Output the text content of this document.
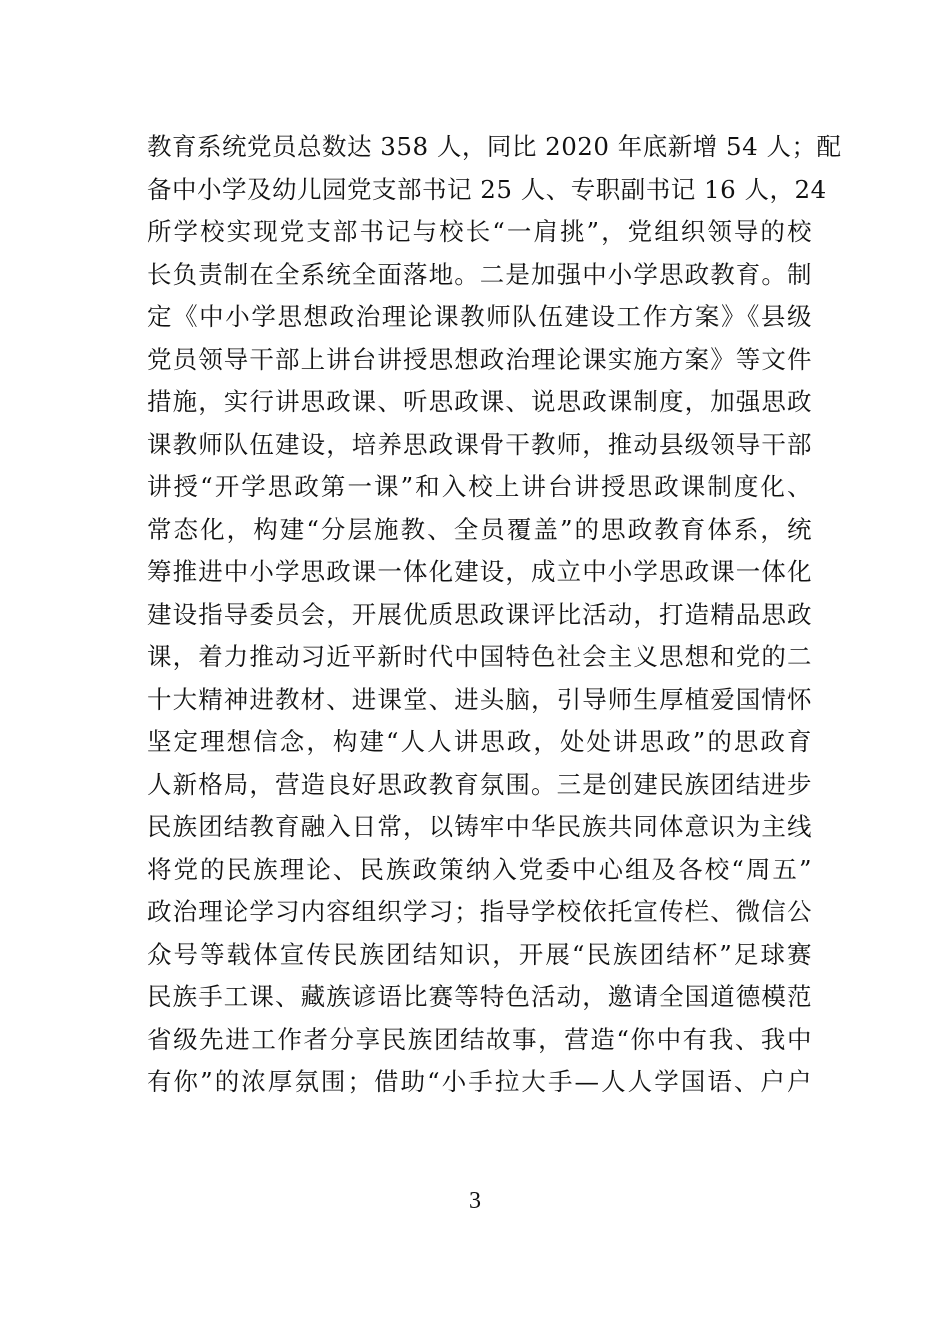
教育系统党员总数达 358 人，同比 2020 年底新增 54 人；配
备中小学及幼儿园党支部书记 25 人、专职副书记 16 人，24
所学校实现党支部书记与校长“一肩挑”，党组织领导的校
长负责制在全系统全面落地。二是加强中小学思政教育。制
定《中小学思想政治理论课教师队伍建设工作方案》《县级
党员领导干部上讲台讲授思想政治理论课实施方案》等文件
措施，实行讲思政课、听思政课、说思政课制度，加强思政
课教师队伍建设，培养思政课骨干教师，推动县级领导干部
讲授“开学思政第一课”和入校上讲台讲授思政课制度化、
常态化，构建“分层施教、全员覆盖”的思政教育体系，统
筹推进中小学思政课一体化建设，成立中小学思政课一体化
建设指导委员会，开展优质思政课评比活动，打造精品思政
课，着力推动习近平新时代中国特色社会主义思想和党的二
十大精神进教材、进课堂、进头脑，引导师生厚植爱国情怀
坚定理想信念，构建“人人讲思政，处处讲思政”的思政育
人新格局，营造良好思政教育氛围。三是创建民族团结进步
民族团结教育融入日常，以铸牢中华民族共同体意识为主线
将党的民族理论、民族政策纳入党委中心组及各校“周五”
政治理论学习内容组织学习；指导学校依托宣传栏、微信公
众号等载体宣传民族团结知识，开展“民族团结杯”足球赛
民族手工课、藏族谚语比赛等特色活动，邀请全国道德模范
省级先进工作者分享民族团结故事，营造“你中有我、我中
有你”的浓厚氛围；借助“小手拉大手—人人学国语、户户
3
